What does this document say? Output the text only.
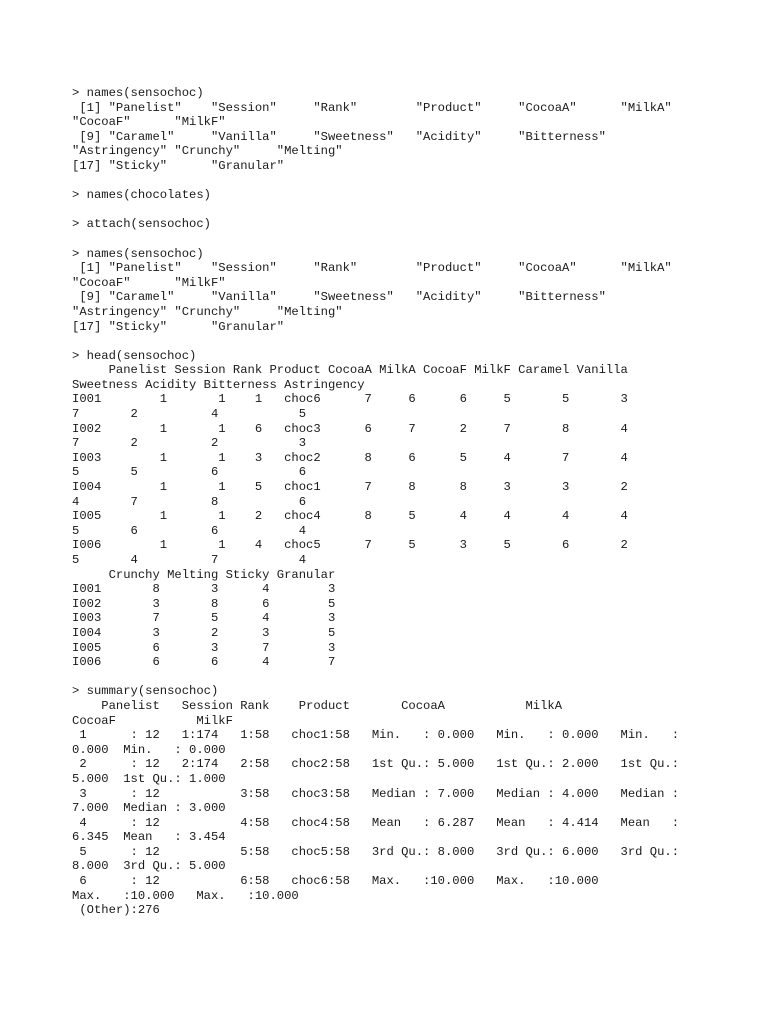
> names(sensochoc)
[1] "Panelist"    "Session"     "Rank"        "Product"     "CocoaA"      "MilkA"
"CocoaF"      "MilkF"
[9] "Caramel"     "Vanilla"     "Sweetness"   "Acidity"     "Bitterness"
"Astringency" "Crunchy"     "Melting"
[17] "Sticky"      "Granular"
> names(chocolates)
> attach(sensochoc)
> names(sensochoc)
[1] "Panelist"    "Session"     "Rank"        "Product"     "CocoaA"      "MilkA"
"CocoaF"      "MilkF"
[9] "Caramel"     "Vanilla"     "Sweetness"   "Acidity"     "Bitterness"
"Astringency" "Crunchy"     "Melting"
[17] "Sticky"      "Granular"
> head(sensochoc)
Panelist Session Rank Product CocoaA MilkA CocoaF MilkF Caramel Vanilla
Sweetness Acidity Bitterness Astringency
I001        1       1    1   choc6      7     6      6     5       5       3
7       2          4           5
I002        1       1    6   choc3      6     7      2     7       8       4
7       2          2           3
I003        1       1    3   choc2      8     6      5     4       7       4
5       5          6           6
I004        1       1    5   choc1      7     8      8     3       3       2
4       7          8           6
I005        1       1    2   choc4      8     5      4     4       4       4
5       6          6           4
I006        1       1    4   choc5      7     5      3     5       6       2
5       4          7           4
Crunchy Melting Sticky Granular
I001       8       3      4        3
I002       3       8      6        5
I003       7       5      4        3
I004       3       2      3        5
I005       6       3      7        3
I006       6       6      4        7
> summary(sensochoc)
Panelist   Session Rank    Product       CocoaA           MilkA
CocoaF           MilkF
1      : 12   1:174   1:58   choc1:58   Min.   : 0.000   Min.   : 0.000   Min.   :
0.000  Min.   : 0.000
2      : 12   2:174   2:58   choc2:58   1st Qu.: 5.000   1st Qu.: 2.000   1st Qu.:
5.000  1st Qu.: 1.000
3      : 12           3:58   choc3:58   Median : 7.000   Median : 4.000   Median :
7.000  Median : 3.000
4      : 12           4:58   choc4:58   Mean   : 6.287   Mean   : 4.414   Mean   :
6.345  Mean   : 3.454
5      : 12           5:58   choc5:58   3rd Qu.: 8.000   3rd Qu.: 6.000   3rd Qu.:
8.000  3rd Qu.: 5.000
6      : 12           6:58   choc6:58   Max.   :10.000   Max.   :10.000
Max.   :10.000   Max.   :10.000
(Other):276
